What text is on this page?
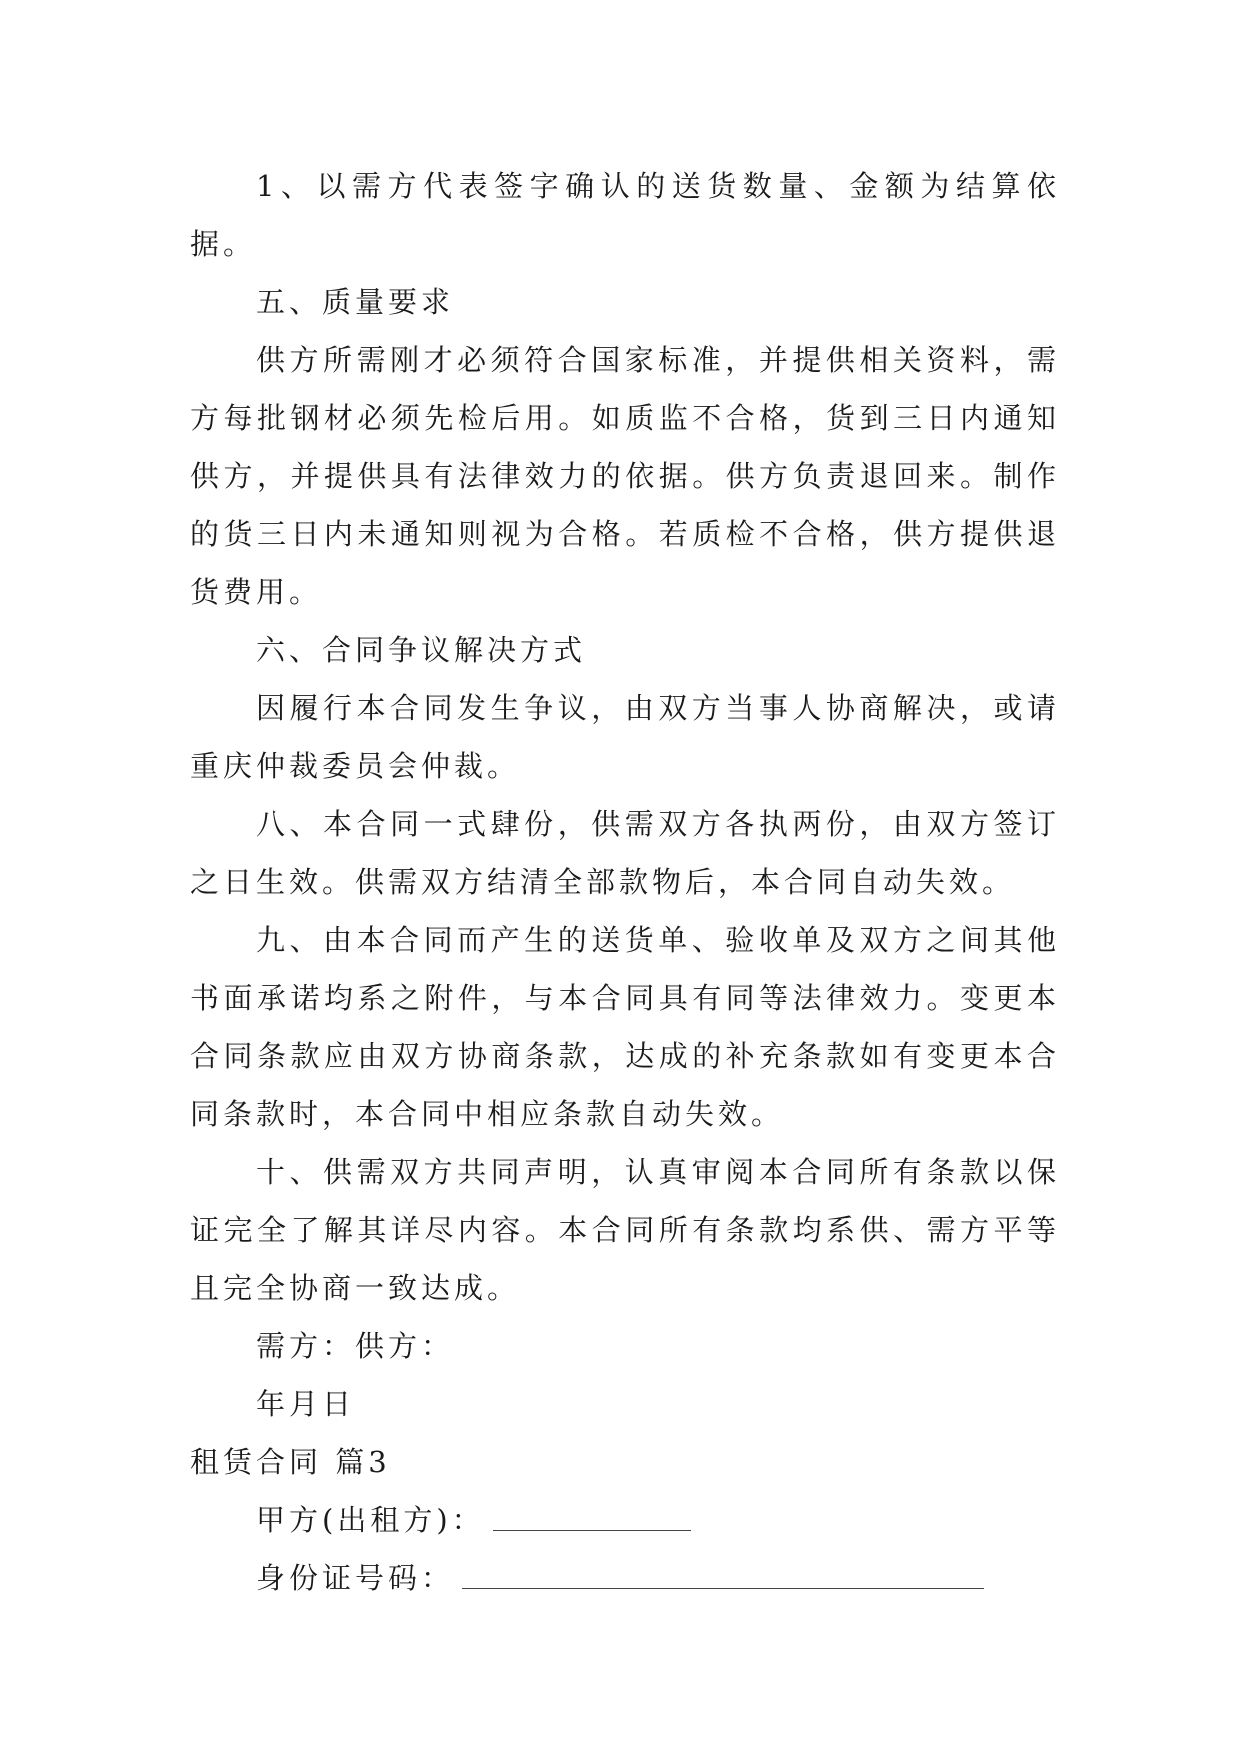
1、以需方代表签字确认的送货数量、金额为结算依据。

五、质量要求

供方所需刚才必须符合国家标准，并提供相关资料，需方每批钢材必须先检后用。如质监不合格，货到三日内通知供方，并提供具有法律效力的依据。供方负责退回来。制作的货三日内未通知则视为合格。若质检不合格，供方提供退货费用。

六、合同争议解决方式

因履行本合同发生争议，由双方当事人协商解决，或请重庆仲裁委员会仲裁。

八、本合同一式肆份，供需双方各执两份，由双方签订之日生效。供需双方结清全部款物后，本合同自动失效。

九、由本合同而产生的送货单、验收单及双方之间其他书面承诺均系之附件，与本合同具有同等法律效力。变更本合同条款应由双方协商条款，达成的补充条款如有变更本合同条款时，本合同中相应条款自动失效。

十、供需双方共同声明，认真审阅本合同所有条款以保证完全了解其详尽内容。本合同所有条款均系供、需方平等且完全协商一致达成。

需方：供方：

年月日

租赁合同 篇3

甲方(出租方)：

身份证号码：
